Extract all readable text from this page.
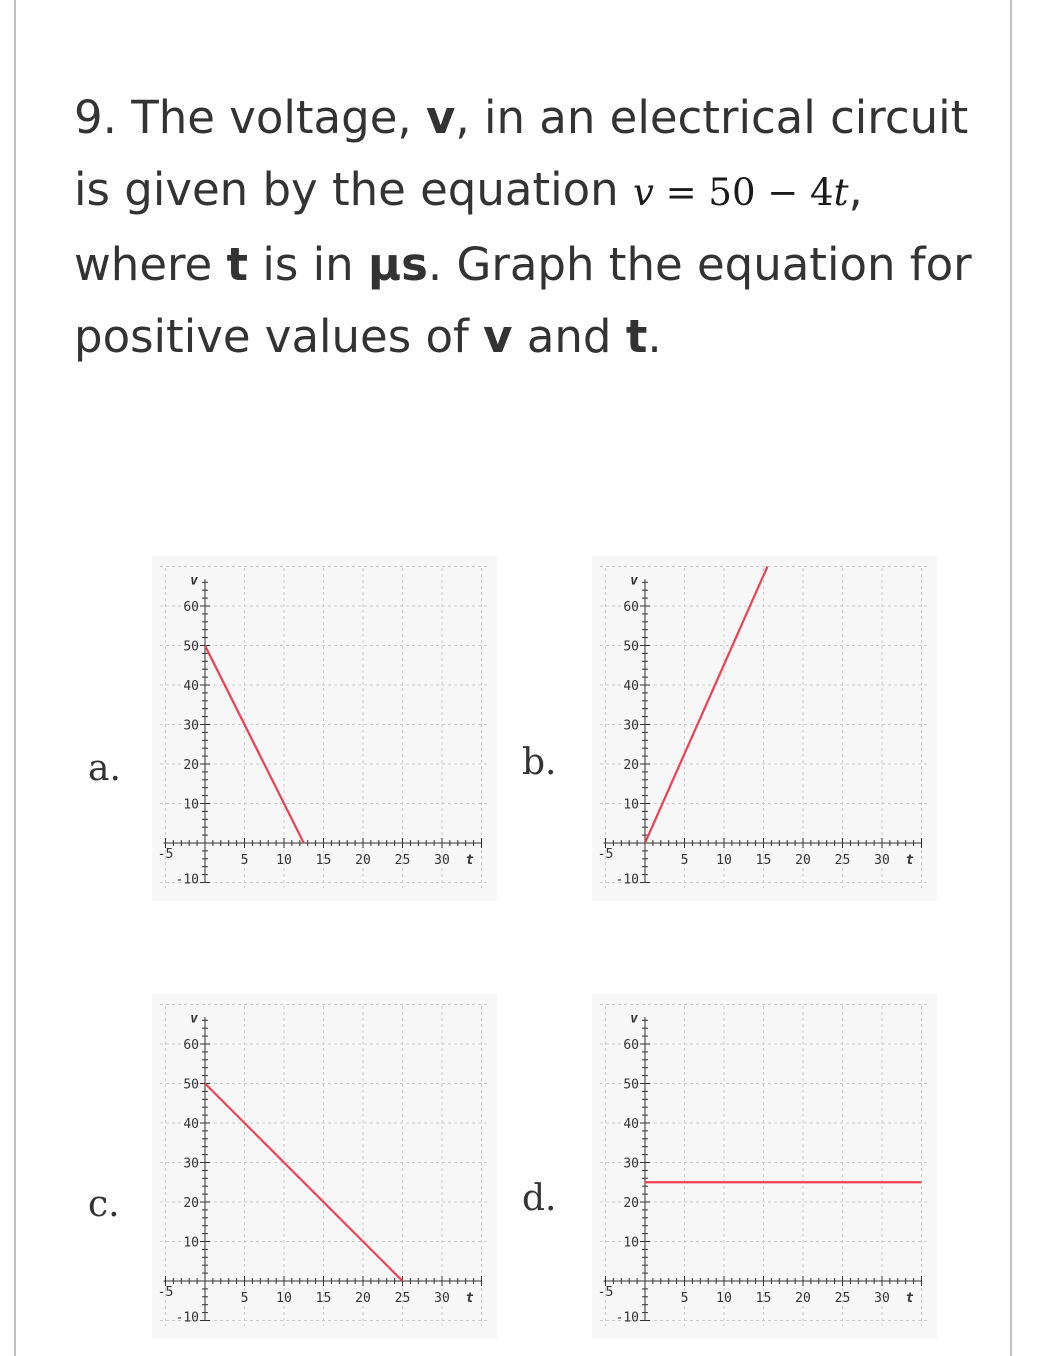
9. The voltage, v, in an electrical circuit is given by the equation v = 50 − 4t, where t is in μs. Graph the equation for positive values of v and t.
a.	b.
c.	d.
-5	5 10 15 20 25 30 t
60
50
40
30
20
10
-10
v
-5	5 10 15 20 25 30 t
60
50
40
30
20
10
-10
v
-5	5 10 15 20 25 30 t
60
50
40
30
20
10
-10
v
-5	5 10 15 20 25 30 t
60
50
40
30
20
10
-10
v
